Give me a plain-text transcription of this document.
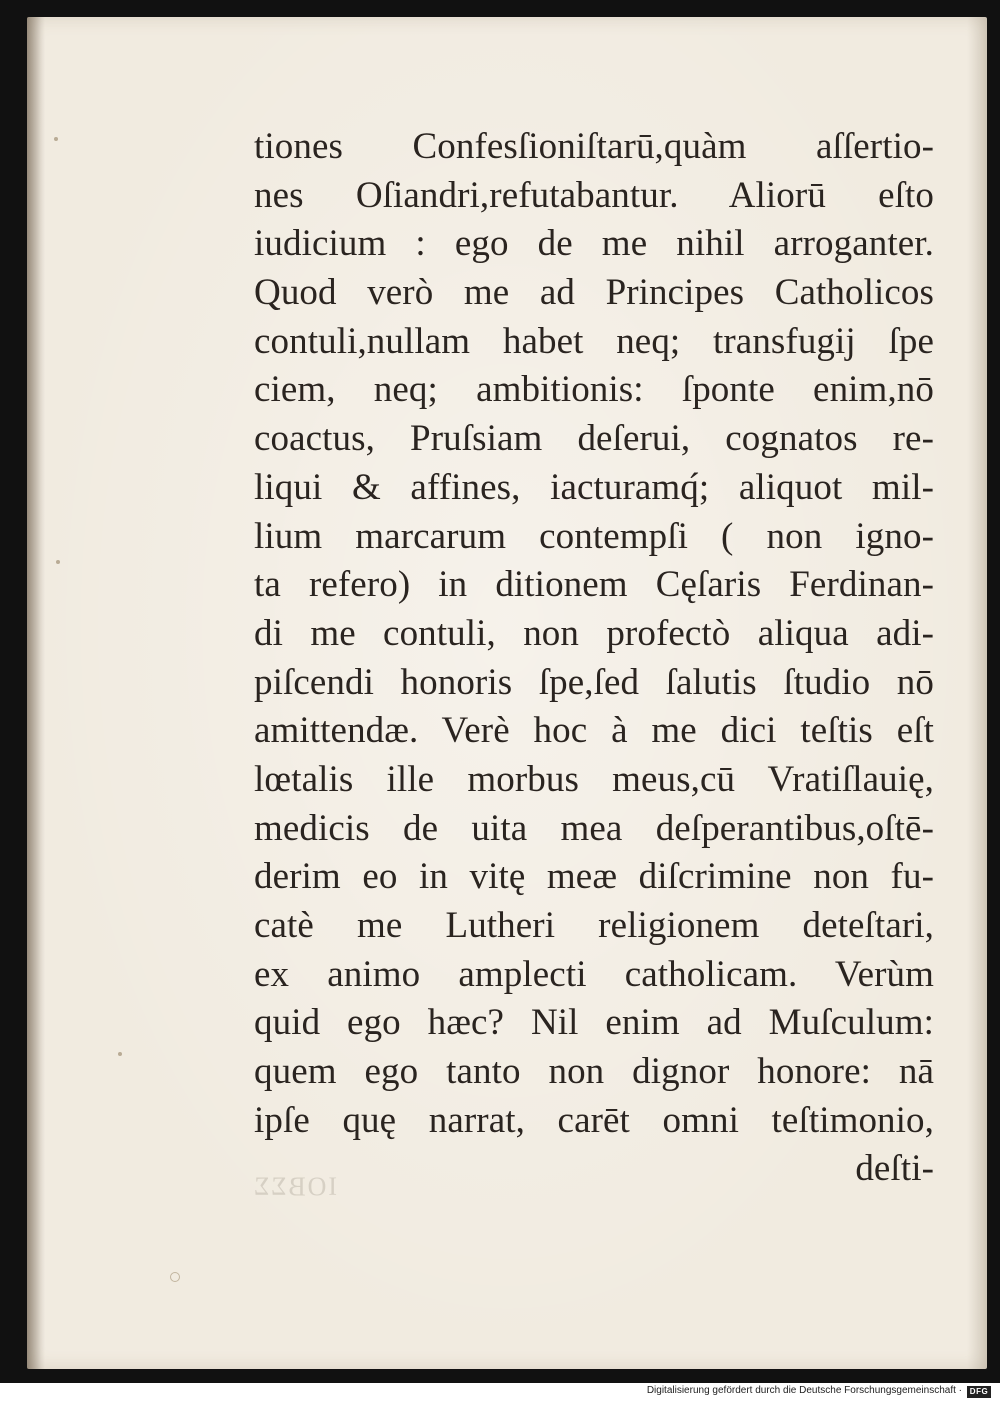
ΙΟΒΣΣ
tiones Confesſioniſtarū,quàm aſſertio-
nes Oſiandri,refutabantur. Aliorū eſto
iudicium : ego de me nihil arroganter.
Quod verò me ad Principes Catholicos
contuli,nullam habet neq; transfugij ſpe
ciem, neq; ambitionis: ſponte enim,nō
coactus, Pruſsiam deſerui, cognatos re-
liqui & affines, iacturamq́; aliquot mil-
lium marcarum contempſi ( non igno-
ta refero) in ditionem Cęſaris Ferdinan-
di me contuli, non profectò aliqua adi-
piſcendi honoris ſpe,ſed ſalutis ſtudio nō
amittendæ. Verè hoc à me dici teſtis eſt
lœtalis ille morbus meus,cū Vratiſlauię,
medicis de uita mea deſperantibus,oſtē-
derim eo in vitę meæ diſcrimine non fu-
catè me Lutheri religionem deteſtari,
ex animo amplecti catholicam. Verùm
quid ego hæc? Nil enim ad Muſculum:
quem ego tanto non dignor honore: nā
ipſe quę narrat, carēt omni teſtimonio,
deſti-
Digitalisierung gefördert durch die Deutsche Forschungsgemeinschaft · DFG
